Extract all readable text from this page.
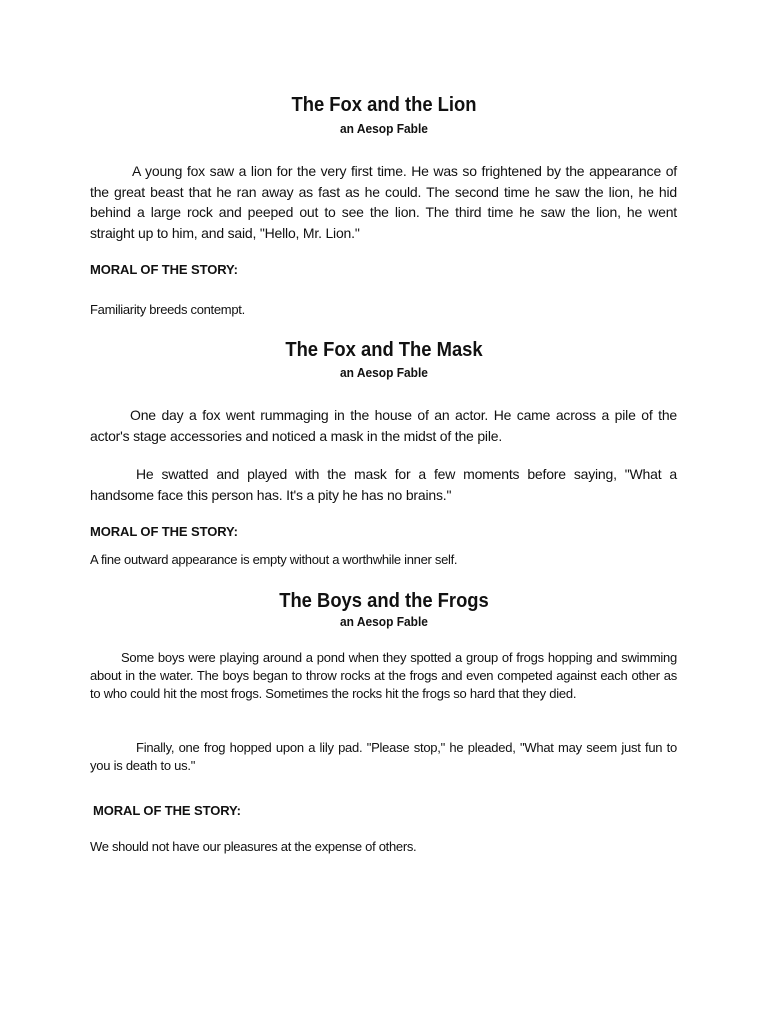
The Fox and the Lion
an Aesop Fable

A young fox saw a lion for the very first time. He was so frightened by the appearance of the great beast that he ran away as fast as he could. The second time he saw the lion, he hid behind a large rock and peeped out to see the lion. The third time he saw the lion, he went straight up to him, and said, "Hello, Mr. Lion."

MORAL OF THE STORY:
Familiarity breeds contempt.
The Fox and The Mask
an Aesop Fable

One day a fox went rummaging in the house of an actor. He came across a pile of the actor's stage accessories and noticed a mask in the midst of the pile.

He swatted and played with the mask for a few moments before saying, "What a handsome face this person has. It's a pity he has no brains."

MORAL OF THE STORY:
A fine outward appearance is empty without a worthwhile inner self.
The Boys and the Frogs
an Aesop Fable

Some boys were playing around a pond when they spotted a group of frogs hopping and swimming about in the water. The boys began to throw rocks at the frogs and even competed against each other as to who could hit the most frogs. Sometimes the rocks hit the frogs so hard that they died.

Finally, one frog hopped upon a lily pad. "Please stop," he pleaded, "What may seem just fun to you is death to us."

MORAL OF THE STORY:
We should not have our pleasures at the expense of others.
